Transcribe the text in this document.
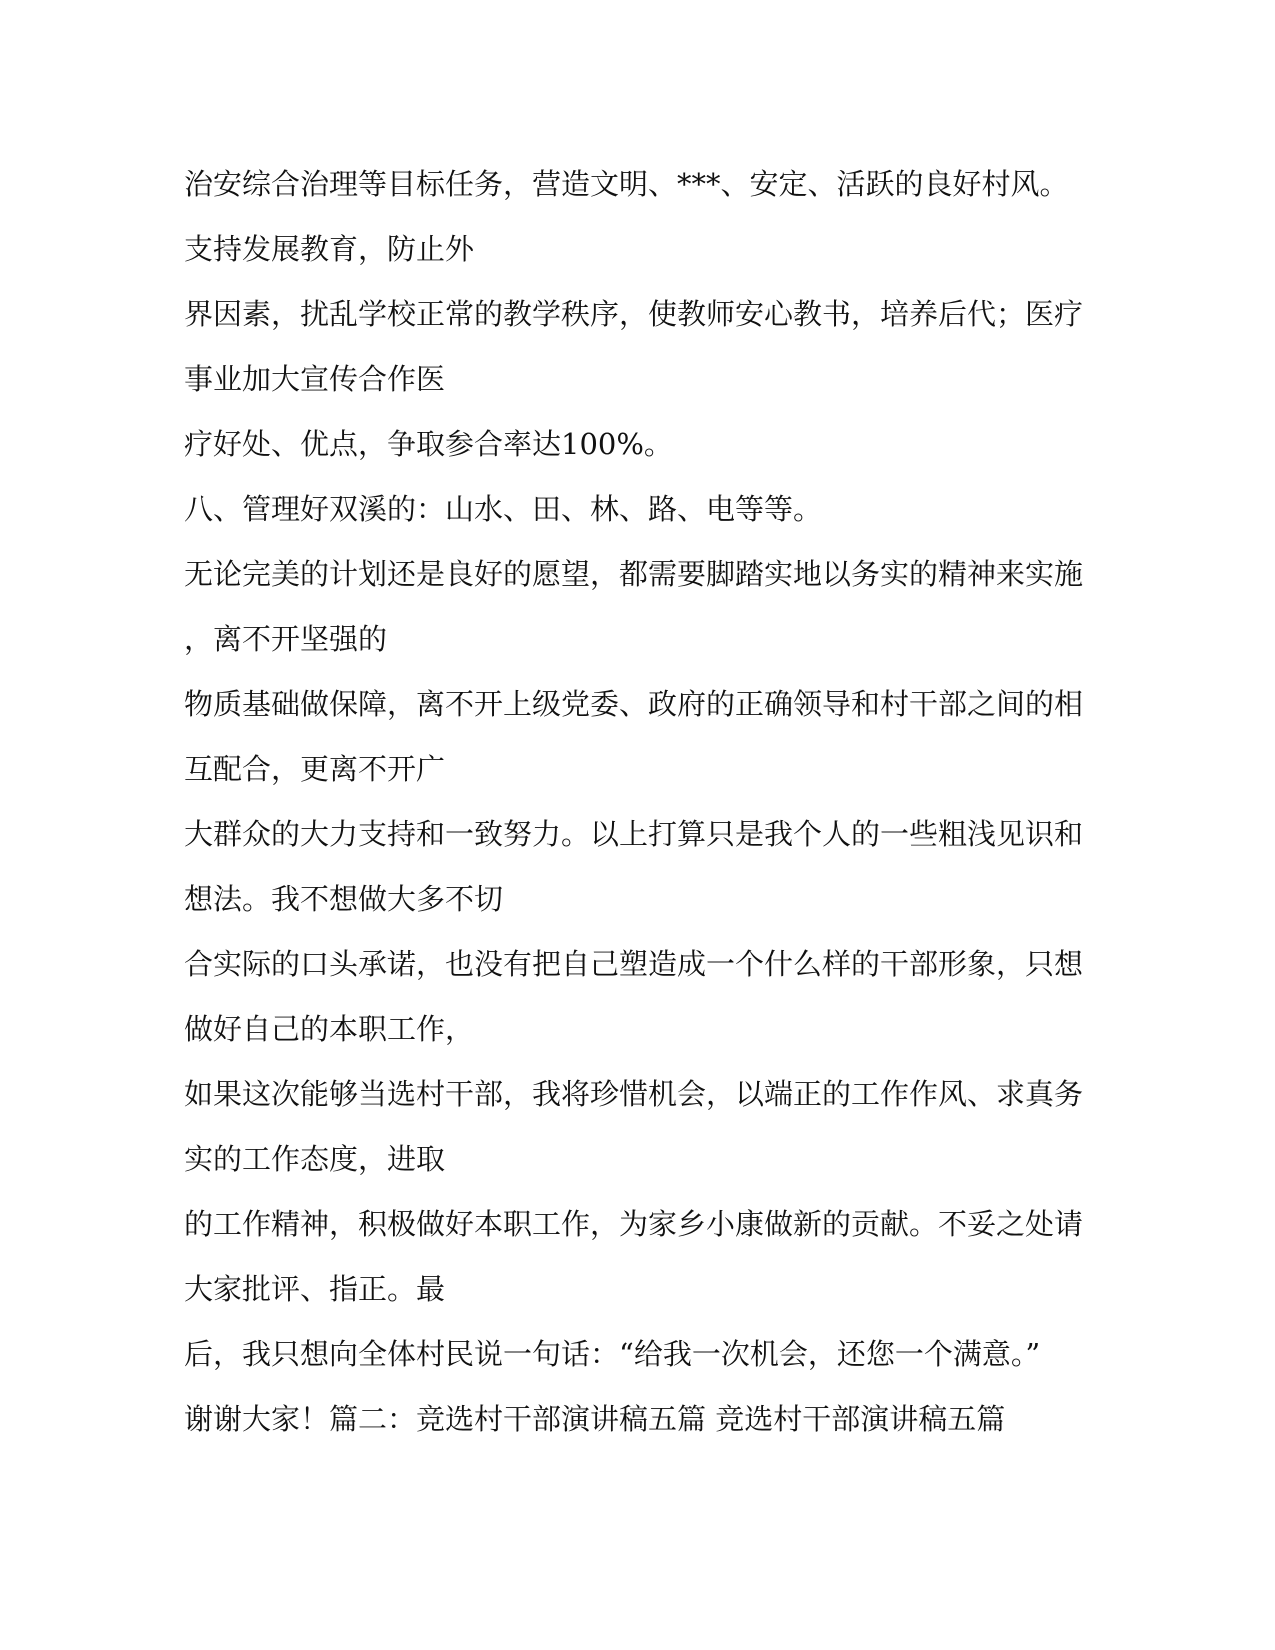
治安综合治理等目标任务，营造文明、***、安定、活跃的良好村风。
支持发展教育，防止外
界因素，扰乱学校正常的教学秩序，使教师安心教书，培养后代；医疗
事业加大宣传合作医
疗好处、优点，争取参合率达100%。
八、管理好双溪的：山水、田、林、路、电等等。
无论完美的计划还是良好的愿望，都需要脚踏实地以务实的精神来实施
，离不开坚强的
物质基础做保障，离不开上级党委、政府的正确领导和村干部之间的相
互配合，更离不开广
大群众的大力支持和一致努力。以上打算只是我个人的一些粗浅见识和
想法。我不想做大多不切
合实际的口头承诺，也没有把自己塑造成一个什么样的干部形象，只想
做好自己的本职工作，
如果这次能够当选村干部，我将珍惜机会，以端正的工作作风、求真务
实的工作态度，进取
的工作精神，积极做好本职工作，为家乡小康做新的贡献。不妥之处请
大家批评、指正。最
后，我只想向全体村民说一句话：“给我一次机会，还您一个满意。”
谢谢大家！篇二：竞选村干部演讲稿五篇 竞选村干部演讲稿五篇
